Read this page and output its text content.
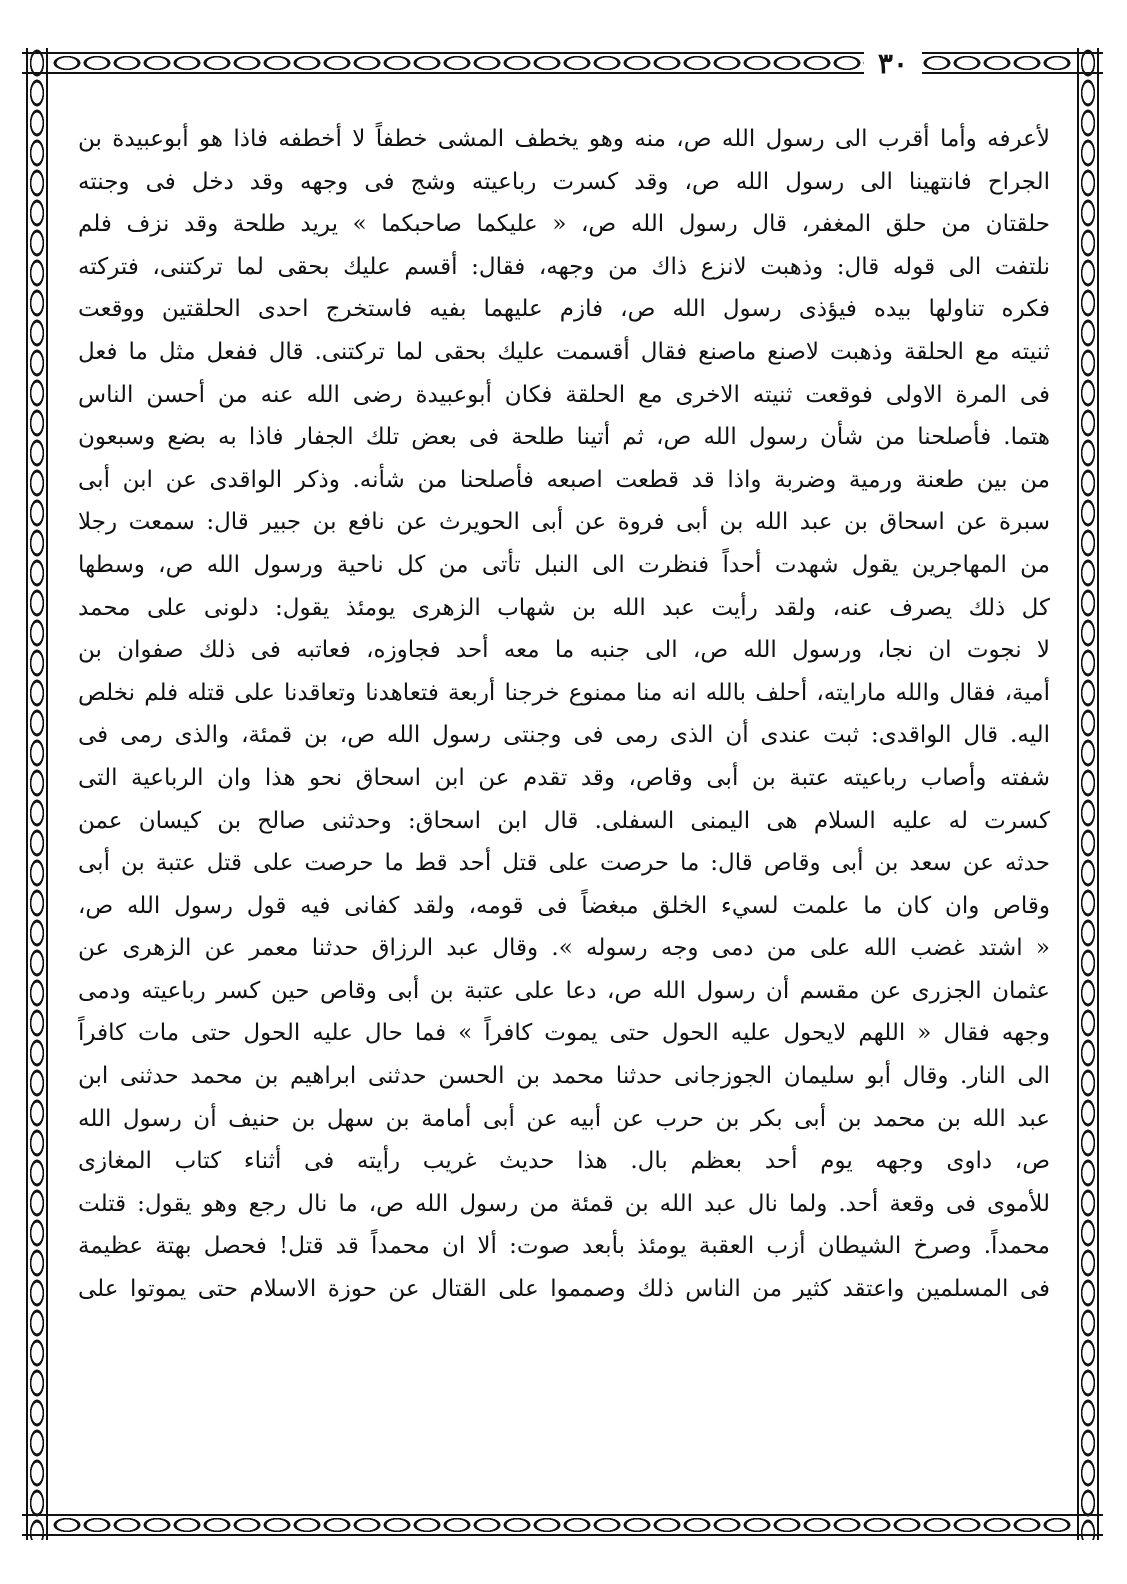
٣٠
لأعرفه وأما أقرب الى رسول الله ص، منه وهو يخطف المشى خطفاً لا أخطفه فاذا هو أبوعبيدة بن
الجراح فانتهينا الى رسول الله ص، وقد كسرت رباعيته وشج فى وجهه وقد دخل فى وجنته
حلقتان من حلق المغفر، قال رسول الله ص، « عليكما صاحبكما » يريد طلحة وقد نزف فلم
نلتفت الى قوله قال: وذهبت لانزع ذاك من وجهه، فقال: أقسم عليك بحقى لما تركتنى، فتركته
فكره تناولها بيده فيؤذى رسول الله ص، فازم عليهما بفيه فاستخرج احدى الحلقتين ووقعت
ثنيته مع الحلقة وذهبت لاصنع ماصنع فقال أقسمت عليك بحقى لما تركتنى. قال ففعل مثل ما فعل
فى المرة الاولى فوقعت ثنيته الاخرى مع الحلقة فكان أبوعبيدة رضى الله عنه من أحسن الناس
هتما. فأصلحنا من شأن رسول الله ص، ثم أتينا طلحة فى بعض تلك الجفار فاذا به بضع وسبعون
من بين طعنة ورمية وضربة واذا قد قطعت اصبعه فأصلحنا من شأنه. وذكر الواقدى عن ابن أبى
سبرة عن اسحاق بن عبد الله بن أبى فروة عن أبى الحويرث عن نافع بن جبير قال: سمعت رجلا
من المهاجرين يقول شهدت أحداً فنظرت الى النبل تأتى من كل ناحية ورسول الله ص، وسطها
كل ذلك يصرف عنه، ولقد رأيت عبد الله بن شهاب الزهرى يومئذ يقول: دلونى على محمد
لا نجوت ان نجا، ورسول الله ص، الى جنبه ما معه أحد فجاوزه، فعاتبه فى ذلك صفوان بن
أمية، فقال والله مارايته، أحلف بالله انه منا ممنوع خرجنا أربعة فتعاهدنا وتعاقدنا على قتله فلم نخلص
اليه. قال الواقدى: ثبت عندى أن الذى رمى فى وجنتى رسول الله ص، بن قمئة، والذى رمى فى
شفته وأصاب رباعيته عتبة بن أبى وقاص، وقد تقدم عن ابن اسحاق نحو هذا وان الرباعية التى
كسرت له عليه السلام هى اليمنى السفلى. قال ابن اسحاق: وحدثنى صالح بن كيسان عمن
حدثه عن سعد بن أبى وقاص قال: ما حرصت على قتل أحد قط ما حرصت على قتل عتبة بن أبى
وقاص وان كان ما علمت لسيء الخلق مبغضاً فى قومه، ولقد كفانى فيه قول رسول الله ص،
« اشتد غضب الله على من دمى وجه رسوله ». وقال عبد الرزاق حدثنا معمر عن الزهرى عن
عثمان الجزرى عن مقسم أن رسول الله ص، دعا على عتبة بن أبى وقاص حين كسر رباعيته ودمى
وجهه فقال « اللهم لايحول عليه الحول حتى يموت كافراً » فما حال عليه الحول حتى مات كافراً
الى النار. وقال أبو سليمان الجوزجانى حدثنا محمد بن الحسن حدثنى ابراهيم بن محمد حدثنى ابن
عبد الله بن محمد بن أبى بكر بن حرب عن أبيه عن أبى أمامة بن سهل بن حنيف أن رسول الله
ص، داوى وجهه يوم أحد بعظم بال. هذا حديث غريب رأيته فى أثناء كتاب المغازى
للأموى فى وقعة أحد. ولما نال عبد الله بن قمئة من رسول الله ص، ما نال رجع وهو يقول: قتلت
محمداً. وصرخ الشيطان أزب العقبة يومئذ بأبعد صوت: ألا ان محمداً قد قتل! فحصل بهتة عظيمة
فى المسلمين واعتقد كثير من الناس ذلك وصمموا على القتال عن حوزة الاسلام حتى يموتوا على
